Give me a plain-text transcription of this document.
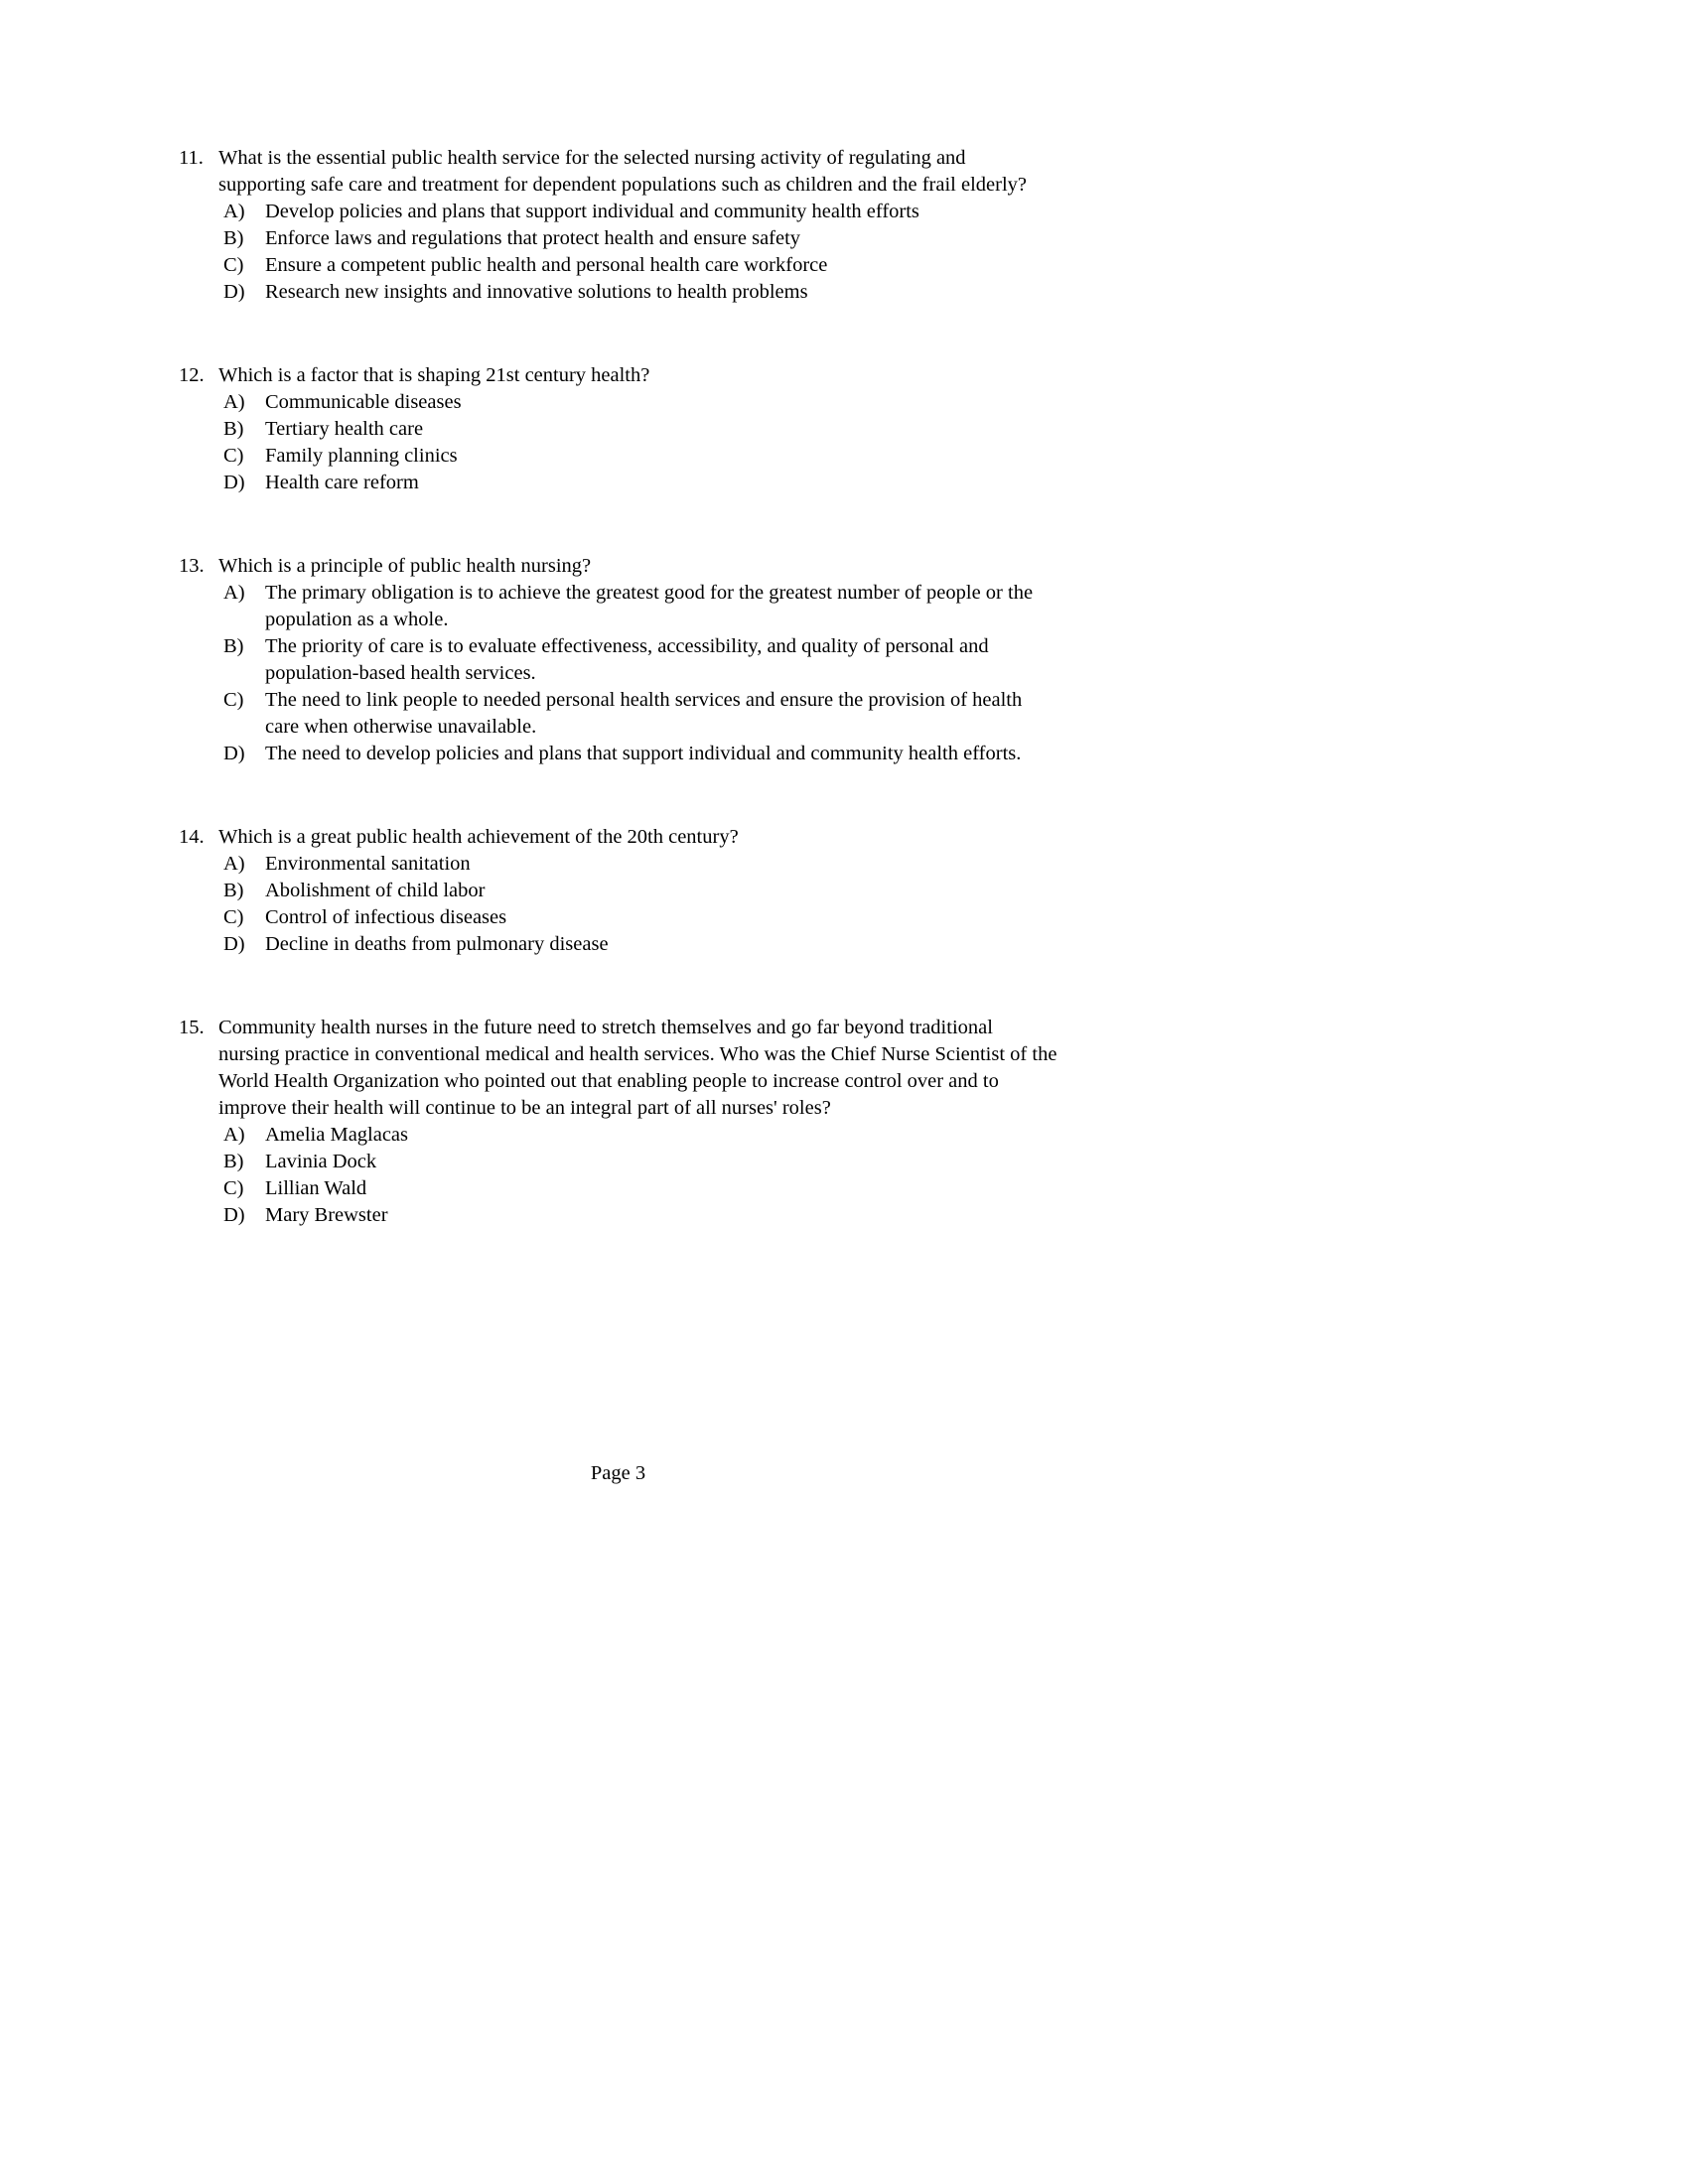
11. What is the essential public health service for the selected nursing activity of regulating and supporting safe care and treatment for dependent populations such as children and the frail elderly?
A) Develop policies and plans that support individual and community health efforts
B)	Enforce laws and regulations that protect health and ensure safety
C)	Ensure a competent public health and personal health care workforce
D) Research new insights and innovative solutions to health problems
12. Which is a factor that is shaping 21st century health?
A) Communicable diseases
B)	Tertiary health care
C)	Family planning clinics
D) Health care reform
13. Which is a principle of public health nursing?
A) The primary obligation is to achieve the greatest good for the greatest number of people or the population as a whole.
B)	The priority of care is to evaluate effectiveness, accessibility, and quality of personal and population-based health services.
C)	The need to link people to needed personal health services and ensure the provision of health care when otherwise unavailable.
D) The need to develop policies and plans that support individual and community health efforts.
14. Which is a great public health achievement of the 20th century?
A) Environmental sanitation
B)	Abolishment of child labor
C)	Control of infectious diseases
D) Decline in deaths from pulmonary disease
15. Community health nurses in the future need to stretch themselves and go far beyond traditional nursing practice in conventional medical and health services. Who was the Chief Nurse Scientist of the World Health Organization who pointed out that enabling people to increase control over and to improve their health will continue to be an integral part of all nurses' roles?
A) Amelia Maglacas
B)	Lavinia Dock
C)	Lillian Wald
D) Mary Brewster
Page 3
